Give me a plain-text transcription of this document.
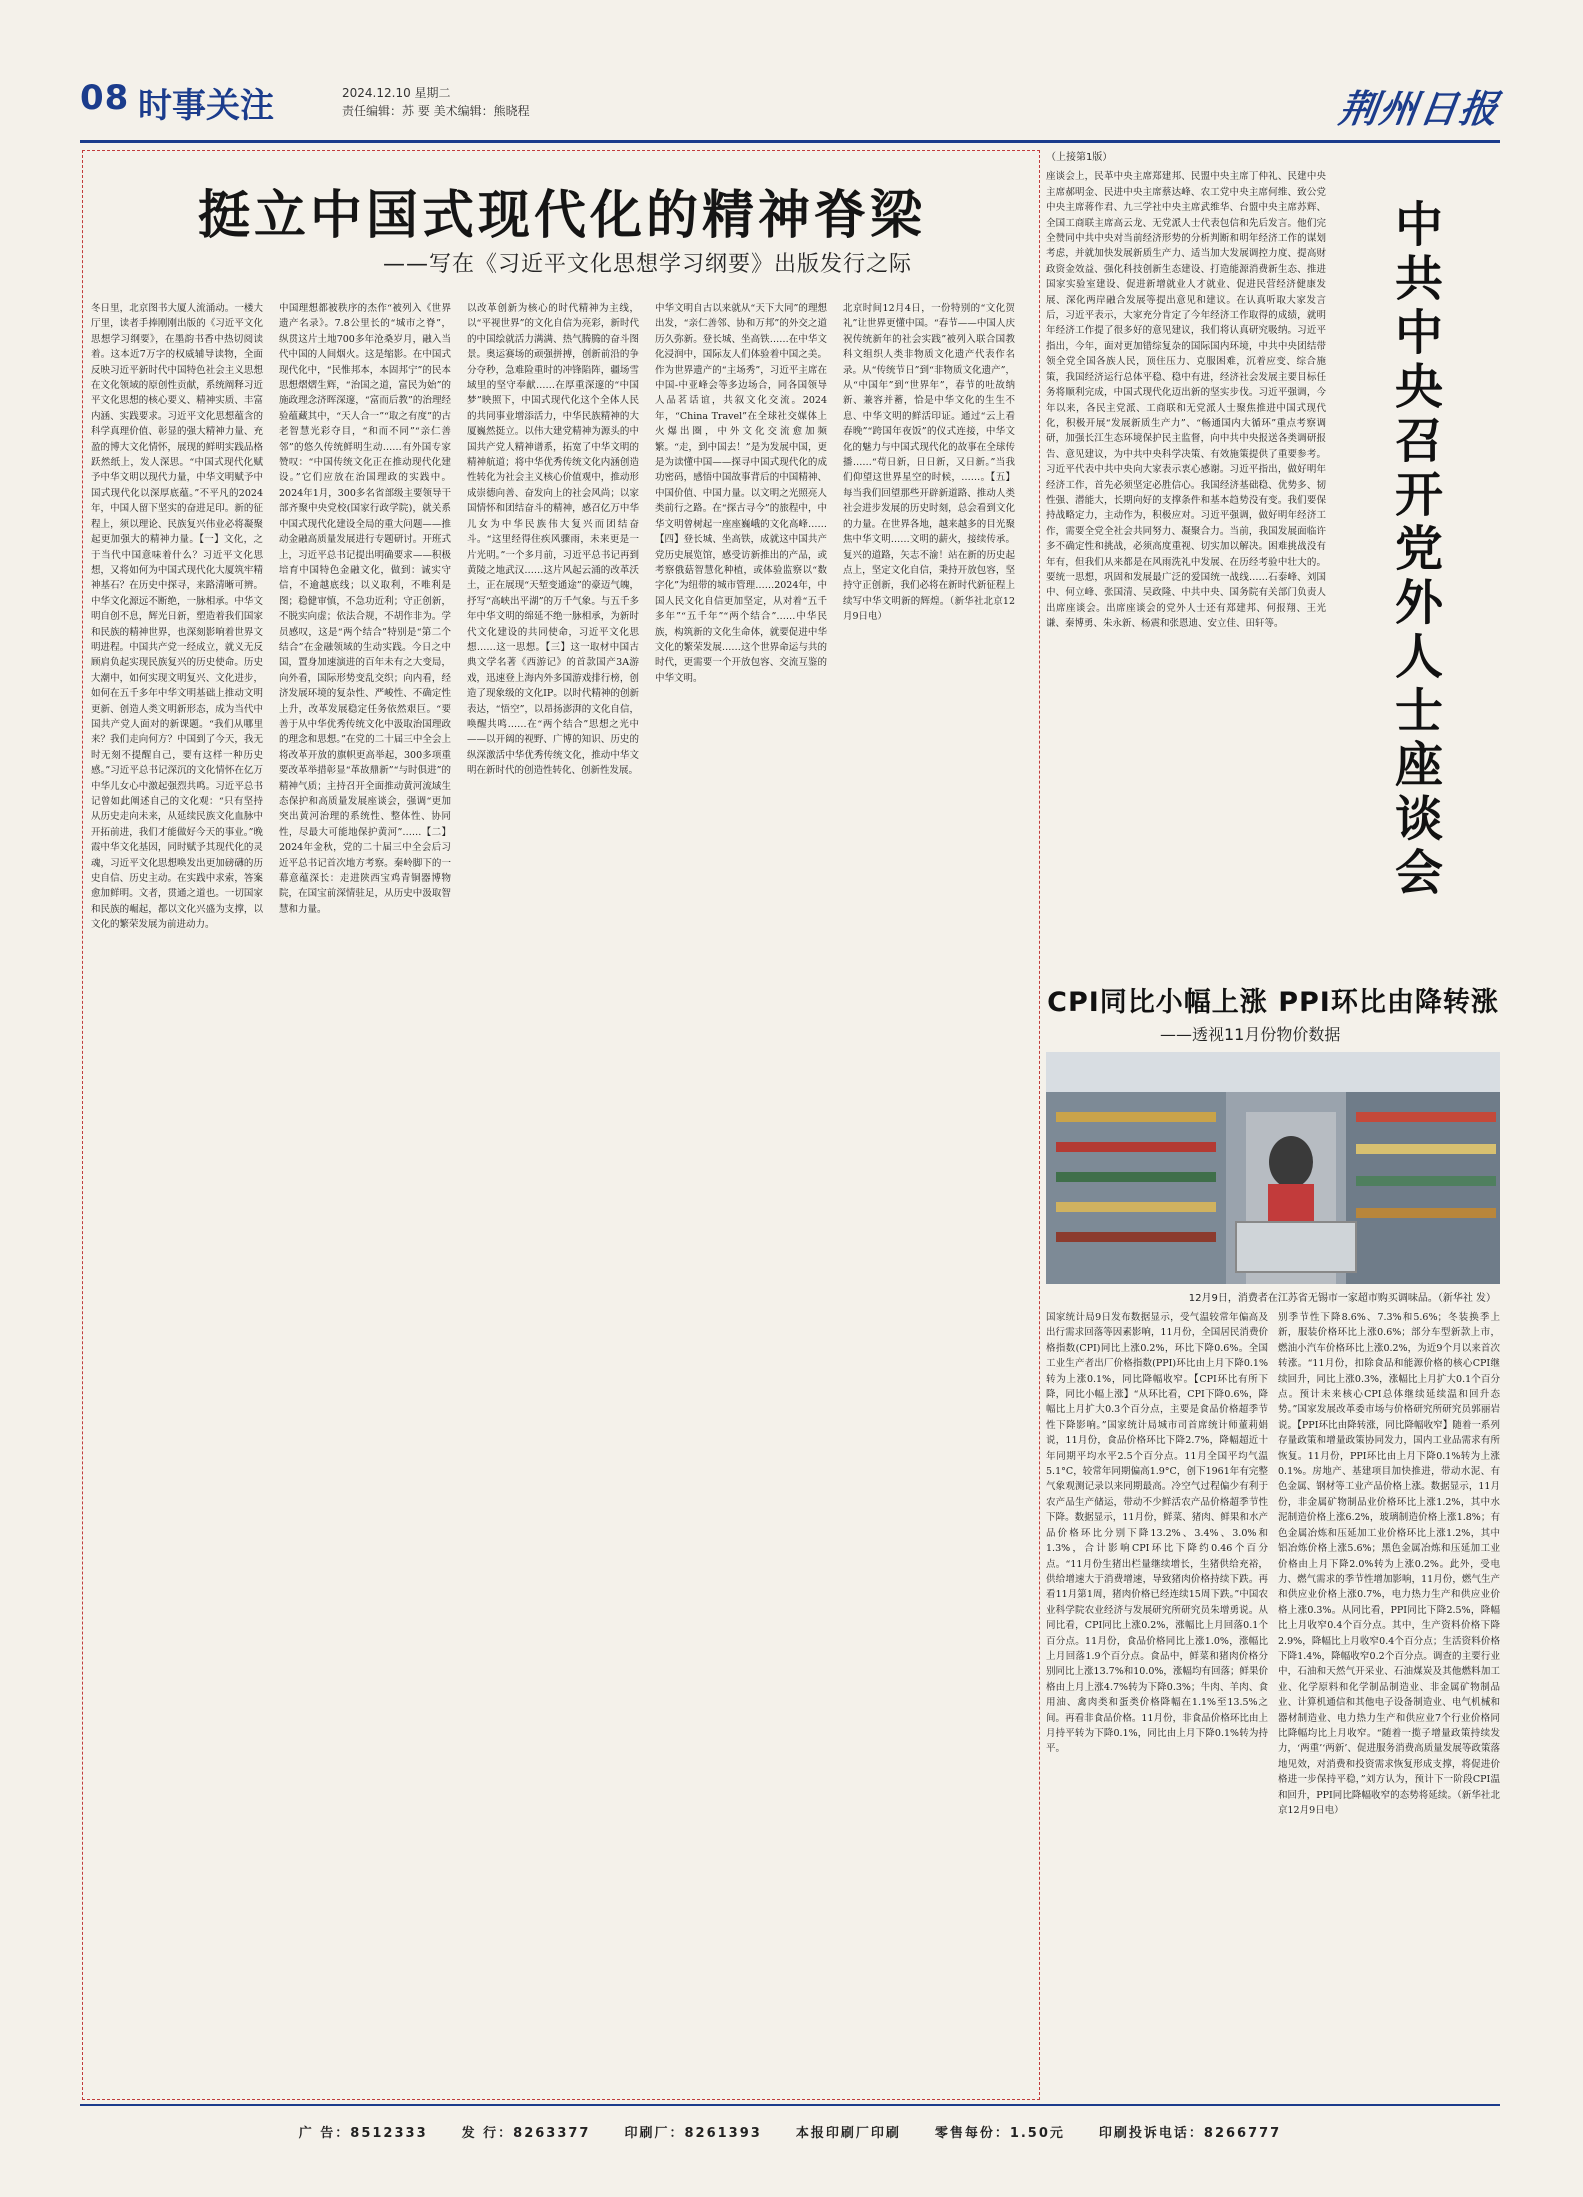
08 时事关注	2024.12.10 星期二
责任编辑：苏 要 美术编辑：熊晓程	荆州日报
挺立中国式现代化的精神脊梁
——写在《习近平文化思想学习纲要》出版发行之际
冬日里，北京图书大厦人流涌动。一楼大厅里，读者手捧刚刚出版的《习近平文化思想学习纲要》，在墨韵书香中热切阅读着。这本近7万字的权威辅导读物，全面反映习近平新时代中国特色社会主义思想在文化领域的原创性贡献，系统阐释习近平文化思想的核心要义、精神实质、丰富内涵、实践要求。习近平文化思想蕴含的科学真理价值、彰显的强大精神力量、充盈的博大文化情怀，展现的鲜明实践品格跃然纸上，发人深思。“中国式现代化赋予中华文明以现代力量，中华文明赋予中国式现代化以深厚底蕴。”不平凡的2024年，中国人留下坚实的奋进足印。新的征程上，须以理论、民族复兴伟业必将凝聚起更加强大的精神力量。【一】文化，之于当代中国意味着什么？习近平文化思想，又将如何为中国式现代化大厦筑牢精神基石？在历史中探寻，来路清晰可辨。中华文化源远不断绝，一脉相承。中华文明自创不息，辉光日新，塑造着我们国家和民族的精神世界，也深刻影响着世界文明进程。中国共产党一经成立，就义无反顾肩负起实现民族复兴的历史使命。历史大潮中，如何实现文明复兴、文化进步，如何在五千多年中华文明基础上推动文明更新、创造人类文明新形态，成为当代中国共产党人面对的新课题。“我们从哪里来？我们走向何方？中国到了今天，我无时无刻不提醒自己，要有这样一种历史感。”习近平总书记深沉的文化情怀在亿万中华儿女心中激起强烈共鸣。习近平总书记曾如此阐述自己的文化观：“只有坚持从历史走向未来，从延续民族文化血脉中开拓前进，我们才能做好今天的事业。”晚霞中华文化基因，同时赋予其现代化的灵魂，习近平文化思想唤发出更加磅礴的历史自信、历史主动。在实践中求索，答案愈加鲜明。文者，贯通之道也。一切国家和民族的崛起，都以文化兴盛为支撑，以文化的繁荣发展为前进动力。
中国理想都被秩序的杰作“被列入《世界遗产名录》。7.8公里长的“城市之脊”，纵贯这片土地700多年沧桑岁月，融入当代中国的人间烟火。这是缩影。在中国式现代化中，“民惟邦本，本固邦宁”的民本思想熠熠生辉，“治国之道，富民为始”的施政理念济晖深邃，“富而后教”的治理经验蕴藏其中，“天人合一”“取之有度”的古老智慧光彩夺目，“和而不同”“亲仁善邻”的悠久传统鲜明生动……有外国专家赞叹：“中国传统文化正在推动现代化建设。”它们应放在治国理政的实践中。2024年1月，300多名省部级主要领导干部齐聚中央党校(国家行政学院)，就关系中国式现代化建设全局的重大问题——推动金融高质量发展进行专题研讨。开班式上，习近平总书记提出明确要求——积极培育中国特色金融文化，做到：诚实守信，不逾越底线；以义取利，不唯利是图；稳健审慎，不急功近利；守正创新，不脱实向虚；依法合规，不胡作非为。学员感叹，这是“两个结合”特别是“第二个结合”在金融领域的生动实践。今日之中国，置身加速演进的百年未有之大变局，向外看，国际形势变乱交织；向内看，经济发展环境的复杂性、严峻性、不确定性上升，改革发展稳定任务依然艰巨。“要善于从中华优秀传统文化中汲取治国理政的理念和思想。”在党的二十届三中全会上将改革开放的旗帜更高举起，300多项重要改革举措彰显“革故鼎新”“与时俱进”的精神气质；主持召开全面推动黄河流域生态保护和高质量发展座谈会，强调“更加突出黄河治理的系统性、整体性、协同性，尽最大可能地保护黄河”……【二】2024年金秋，党的二十届三中全会后习近平总书记首次地方考察。秦岭脚下的一幕意蕴深长：走进陕西宝鸡青铜器博物院，在国宝前深情驻足，从历史中汲取智慧和力量。
以改革创新为核心的时代精神为主线，以“平视世界”的文化自信为亮彩，新时代的中国绘就活力满满、热气腾腾的奋斗图景。奥运赛场的顽强拼搏，创新前沿的争分夺秒，急难险重时的冲锋陷阵，疆场雪域里的坚守奉献……在厚重深邃的“中国梦”映照下，中国式现代化这个全体人民的共同事业增添活力，中华民族精神的大厦巍然挺立。以伟大建党精神为源头的中国共产党人精神谱系，拓宽了中华文明的精神航道；将中华优秀传统文化内涵创造性转化为社会主义核心价值观中，推动形成崇德向善、奋发向上的社会风尚；以家国情怀和团结奋斗的精神，感召亿万中华儿女为中华民族伟大复兴而团结奋斗。“这里经得住疾风骤雨，未来更是一片光明。”一个多月前，习近平总书记再到黄陵之地武汉……这片风起云涌的改革沃土，正在展现“天堑变通途”的豪迈气魄，抒写“高峡出平湖”的万千气象。与五千多年中华文明的绵延不绝一脉相承，为新时代文化建设的共同使命，习近平文化思想……这一思想。【三】这一取材中国古典文学名著《西游记》的首款国产3A游戏，迅速登上海内外多国游戏排行榜，创造了现象级的文化IP。以时代精神的创新表达，“悟空”，以昂扬澎湃的文化自信，唤醒共鸣……在“两个结合”思想之光中——以开阔的视野、广博的知识、历史的纵深激活中华优秀传统文化，推动中华文明在新时代的创造性转化、创新性发展。
中华文明自古以来就从“天下大同”的理想出发，“亲仁善邻、协和万邦”的外交之道历久弥新。登长城、坐高铁……在中华文化浸润中，国际友人们体验着中国之美。作为世界遗产的“主场秀”，习近平主席在中国-中亚峰会等多边场合，同各国领导人品茗话谊，共叙文化交流。2024年，“China Travel”在全球社交媒体上火爆出圈，中外文化交流愈加频繁。“走，到中国去！”是为发展中国，更是为读懂中国——探寻中国式现代化的成功密码，感悟中国故事背后的中国精神、中国价值、中国力量。以文明之光照亮人类前行之路。在“探古寻今”的旅程中，中华文明曾树起一座座巍峨的文化高峰……【四】登长城、坐高铁，成就这中国共产党历史展览馆，感受访新推出的产品，或考察俄菇智慧化种植，或体验监察以“数字化”为纽带的城市管理……2024年，中国人民文化自信更加坚定，从对着“五千多年”“五千年”“两个结合”……中华民族，构筑新的文化生命体，就要促进中华文化的繁荣发展……这个世界命运与共的时代，更需要一个开放包容、交流互鉴的中华文明。
北京时间12月4日，一份特别的“文化贺礼”让世界更懂中国。“春节——中国人庆祝传统新年的社会实践”被列入联合国教科文组织人类非物质文化遗产代表作名录。从“传统节日”到“非物质文化遗产”，从“中国年”到“世界年”，春节的吐故纳新、兼容并蓄，恰是中华文化的生生不息、中华文明的鲜活印证。通过“云上看春晚”“跨国年夜饭”的仪式连接，中华文化的魅力与中国式现代化的故事在全球传播……“苟日新，日日新，又日新。”当我们仰望这世界星空的时候，……。【五】每当我们回望那些开辟新道路、推动人类社会进步发展的历史时刻，总会看到文化的力量。在世界各地，越来越多的目光聚焦中华文明……文明的薪火，接续传承。复兴的道路，矢志不渝！站在新的历史起点上，坚定文化自信，秉持开放包容，坚持守正创新，我们必将在新时代新征程上续写中华文明新的辉煌。（新华社北京12月9日电）
（上接第1版）
座谈会上，民革中央主席郑建邦、民盟中央主席丁仲礼、民建中央主席郝明金、民进中央主席蔡达峰、农工党中央主席何维、致公党中央主席蒋作君、九三学社中央主席武维华、台盟中央主席苏辉、全国工商联主席高云龙、无党派人士代表包信和先后发言。他们完全赞同中共中央对当前经济形势的分析判断和明年经济工作的谋划考虑，并就加快发展新质生产力、适当加大发展调控力度、提高财政资金效益、强化科技创新生态建设、打造能源消费新生态、推进国家实验室建设、促进新增就业人才就业、促进民营经济健康发展、深化两岸融合发展等提出意见和建议。在认真听取大家发言后，习近平表示，大家充分肯定了今年经济工作取得的成绩，就明年经济工作提了很多好的意见建议，我们将认真研究吸纳。习近平指出，今年，面对更加错综复杂的国际国内环境，中共中央团结带领全党全国各族人民，顶住压力、克服困难，沉着应变、综合施策，我国经济运行总体平稳、稳中有进，经济社会发展主要目标任务将顺利完成，中国式现代化迈出新的坚实步伐。习近平强调，今年以来，各民主党派、工商联和无党派人士聚焦推进中国式现代化，积极开展“发展新质生产力”、“畅通国内大循环”重点考察调研，加强长江生态环境保护民主监督，向中共中央报送各类调研报告、意见建议，为中共中央科学决策、有效施策提供了重要参考。习近平代表中共中央向大家表示衷心感谢。习近平指出，做好明年经济工作，首先必须坚定必胜信心。我国经济基础稳、优势多、韧性强、潜能大，长期向好的支撑条件和基本趋势没有变。我们要保持战略定力，主动作为，积极应对。习近平强调，做好明年经济工作，需要全党全社会共同努力、凝聚合力。当前，我国发展面临许多不确定性和挑战，必须高度重视、切实加以解决。困难挑战没有年有，但我们从来都是在风雨洗礼中发展、在历经考验中壮大的。要统一思想，巩固和发展最广泛的爱国统一战线……石泰峰、刘国中、何立峰、张国清、吴政隆、中共中央、国务院有关部门负责人出席座谈会。出席座谈会的党外人士还有郑建邦、何报翔、王光谦、秦博勇、朱永新、杨震和张恩迪、安立佳、田轩等。	中共中央召开党外人士座谈会
CPI同比小幅上涨 PPI环比由降转涨
——透视11月份物价数据
12月9日，消费者在江苏省无锡市一家超市购买调味品。（新华社 发）
国家统计局9日发布数据显示，受气温较常年偏高及出行需求回落等因素影响，11月份，全国居民消费价格指数(CPI)同比上涨0.2%，环比下降0.6%。全国工业生产者出厂价格指数(PPI)环比由上月下降0.1%转为上涨0.1%，同比降幅收窄。【CPI环比有所下降，同比小幅上涨】“从环比看，CPI下降0.6%，降幅比上月扩大0.3个百分点，主要是食品价格超季节性下降影响。”国家统计局城市司首席统计师董莉娟说，11月份，食品价格环比下降2.7%，降幅超近十年同期平均水平2.5个百分点。11月全国平均气温5.1°C，较常年同期偏高1.9°C，创下1961年有完整气象观测记录以来同期最高。冷空气过程偏少有利于农产品生产储运，带动不少鲜活农产品价格超季节性下降。数据显示，11月份，鲜菜、猪肉、鲜果和水产品价格环比分别下降13.2%、3.4%、3.0%和1.3%，合计影响CPI环比下降约0.46个百分点。“11月份生猪出栏量继续增长，生猪供给充裕，供给增速大于消费增速，导致猪肉价格持续下跌。再看11月第1周，猪肉价格已经连续15周下跌。”中国农业科学院农业经济与发展研究所研究员朱增勇说。从同比看，CPI同比上涨0.2%，涨幅比上月回落0.1个百分点。11月份，食品价格同比上涨1.0%，涨幅比上月回落1.9个百分点。食品中，鲜菜和猪肉价格分别同比上涨13.7%和10.0%，涨幅均有回落；鲜果价格由上月上涨4.7%转为下降0.3%；牛肉、羊肉、食用油、禽肉类和蛋类价格降幅在1.1%至13.5%之间。再看非食品价格。11月份，非食品价格环比由上月持平转为下降0.1%，同比由上月下降0.1%转为持平。
别季节性下降8.6%、7.3%和5.6%；冬装换季上新，服装价格环比上涨0.6%；部分车型新款上市，燃油小汽车价格环比上涨0.2%，为近9个月以来首次转涨。“11月份，扣除食品和能源价格的核心CPI继续回升，同比上涨0.3%，涨幅比上月扩大0.1个百分点。预计未来核心CPI总体继续延续温和回升态势。”国家发展改革委市场与价格研究所研究员郭丽岩说。【PPI环比由降转涨，同比降幅收窄】随着一系列存量政策和增量政策协同发力，国内工业品需求有所恢复。11月份，PPI环比由上月下降0.1%转为上涨0.1%。房地产、基建项目加快推进，带动水泥、有色金属、钢材等工业产品价格上涨。数据显示，11月份，非金属矿物制品业价格环比上涨1.2%，其中水泥制造价格上涨6.2%，玻璃制造价格上涨1.8%；有色金属冶炼和压延加工业价格环比上涨1.2%，其中铝冶炼价格上涨5.6%；黑色金属冶炼和压延加工业价格由上月下降2.0%转为上涨0.2%。此外，受电力、燃气需求的季节性增加影响，11月份，燃气生产和供应业价格上涨0.7%，电力热力生产和供应业价格上涨0.3%。从同比看，PPI同比下降2.5%，降幅比上月收窄0.4个百分点。其中，生产资料价格下降2.9%，降幅比上月收窄0.4个百分点；生活资料价格下降1.4%，降幅收窄0.2个百分点。调查的主要行业中，石油和天然气开采业、石油煤炭及其他燃料加工业、化学原料和化学制品制造业、非金属矿物制品业、计算机通信和其他电子设备制造业、电气机械和器材制造业、电力热力生产和供应业7个行业价格同比降幅均比上月收窄。“随着一揽子增量政策持续发力，‘两重’‘两新’、促进服务消费高质量发展等政策落地见效，对消费和投资需求恢复形成支撑，将促进价格进一步保持平稳，”刘方认为，预计下一阶段CPI温和回升，PPI同比降幅收窄的态势将延续。（新华社北京12月9日电）
广 告：8512333	发 行：8263377	印刷厂：8261393	本报印刷厂印刷	零售每份：1.50元	印刷投诉电话：8266777
